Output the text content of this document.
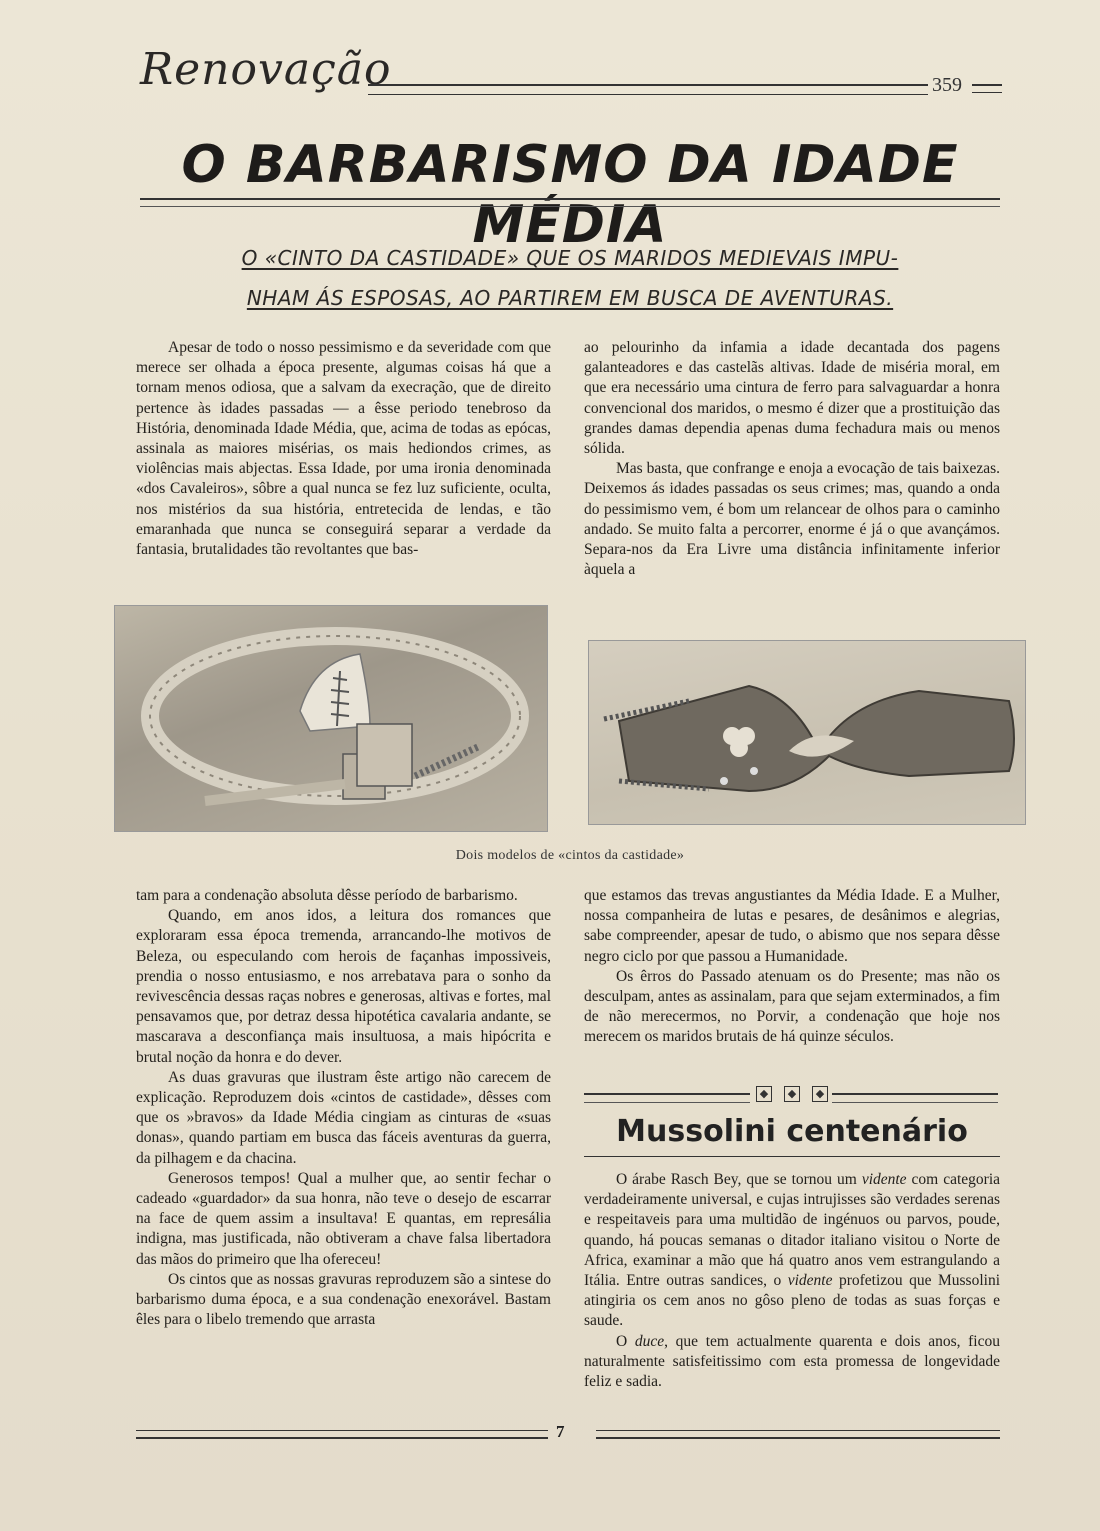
Renovação	359
O BARBARISMO DA IDADE MÉDIA
O «CINTO DA CASTIDADE» QUE OS MARIDOS MEDIEVAIS IMPU-
NHAM ÁS ESPOSAS, AO PARTIREM EM BUSCA DE AVENTURAS.

Apesar de todo o nosso pessimismo e da severidade com que merece ser olhada a época presente, algumas coisas há que a tornam menos odiosa, que a salvam da execração, que de direito pertence às idades passadas — a êsse periodo tenebroso da História, denominada Idade Média, que, acima de todas as epócas, assinala as maiores misérias, os mais hediondos crimes, as violências mais abjectas. Essa Idade, por uma ironia denominada «dos Cavaleiros», sôbre a qual nunca se fez luz suficiente, oculta, nos mistérios da sua história, entretecida de lendas, e tão emaranhada que nunca se conseguirá separar a verdade da fantasia, brutalidades tão revoltantes que bas-

ao pelourinho da infamia a idade decantada dos pagens galanteadores e das castelãs altivas. Idade de miséria moral, em que era necessário uma cintura de ferro para salvaguardar a honra convencional dos maridos, o mesmo é dizer que a prostituição das grandes damas dependia apenas duma fechadura mais ou menos sólida.

Mas basta, que confrange e enoja a evocação de tais baixezas. Deixemos ás idades passadas os seus crimes; mas, quando a onda do pessimismo vem, é bom um relancear de olhos para o caminho andado. Se muito falta a percorrer, enorme é já o que avançámos. Separa-nos da Era Livre uma distância infinitamente inferior àquela a

Dois modelos de «cintos da castidade»

tam para a condenação absoluta dêsse período de barbarismo.

Quando, em anos idos, a leitura dos romances que exploraram essa época tremenda, arrancando-lhe motivos de Beleza, ou especulando com herois de façanhas impossiveis, prendia o nosso entusiasmo, e nos arrebatava para o sonho da revivescência dessas raças nobres e generosas, altivas e fortes, mal pensavamos que, por detraz dessa hipotética cavalaria andante, se mascarava a desconfiança mais insultuosa, a mais hipócrita e brutal noção da honra e do dever.

As duas gravuras que ilustram êste artigo não carecem de explicação. Reproduzem dois «cintos de castidade», dêsses com que os »bravos» da Idade Média cingiam as cinturas de «suas donas», quando partiam em busca das fáceis aventuras da guerra, da pilhagem e da chacina.

Generosos tempos! Qual a mulher que, ao sentir fechar o cadeado «guardador» da sua honra, não teve o desejo de escarrar na face de quem assim a insultava! E quantas, em represália indigna, mas justificada, não obtiveram a chave falsa libertadora das mãos do primeiro que lha ofereceu!

Os cintos que as nossas gravuras reproduzem são a sintese do barbarismo duma época, e a sua condenação enexorável. Bastam êles para o libelo tremendo que arrasta

que estamos das trevas angustiantes da Média Idade. E a Mulher, nossa companheira de lutas e pesares, de desânimos e alegrias, sabe compreender, apesar de tudo, o abismo que nos separa dêsse negro ciclo por que passou a Humanidade.

Os êrros do Passado atenuam os do Presente; mas não os desculpam, antes as assinalam, para que sejam exterminados, a fim de não merecermos, no Porvir, a condenação que hoje nos merecem os maridos brutais de há quinze séculos.

◆	◆	◆
Mussolini centenário

O árabe Rasch Bey, que se tornou um vidente com categoria verdadeiramente universal, e cujas intrujisses são verdades serenas e respeitaveis para uma multidão de ingénuos ou parvos, poude, quando, há poucas semanas o ditador italiano visitou o Norte de Africa, examinar a mão que há quatro anos vem estrangulando a Itália. Entre outras sandices, o vidente profetizou que Mussolini atingiria os cem anos no gôso pleno de todas as suas forças e saude.

O duce, que tem actualmente quarenta e dois anos, ficou naturalmente satisfeitissimo com esta promessa de longevidade feliz e sadia.

7
